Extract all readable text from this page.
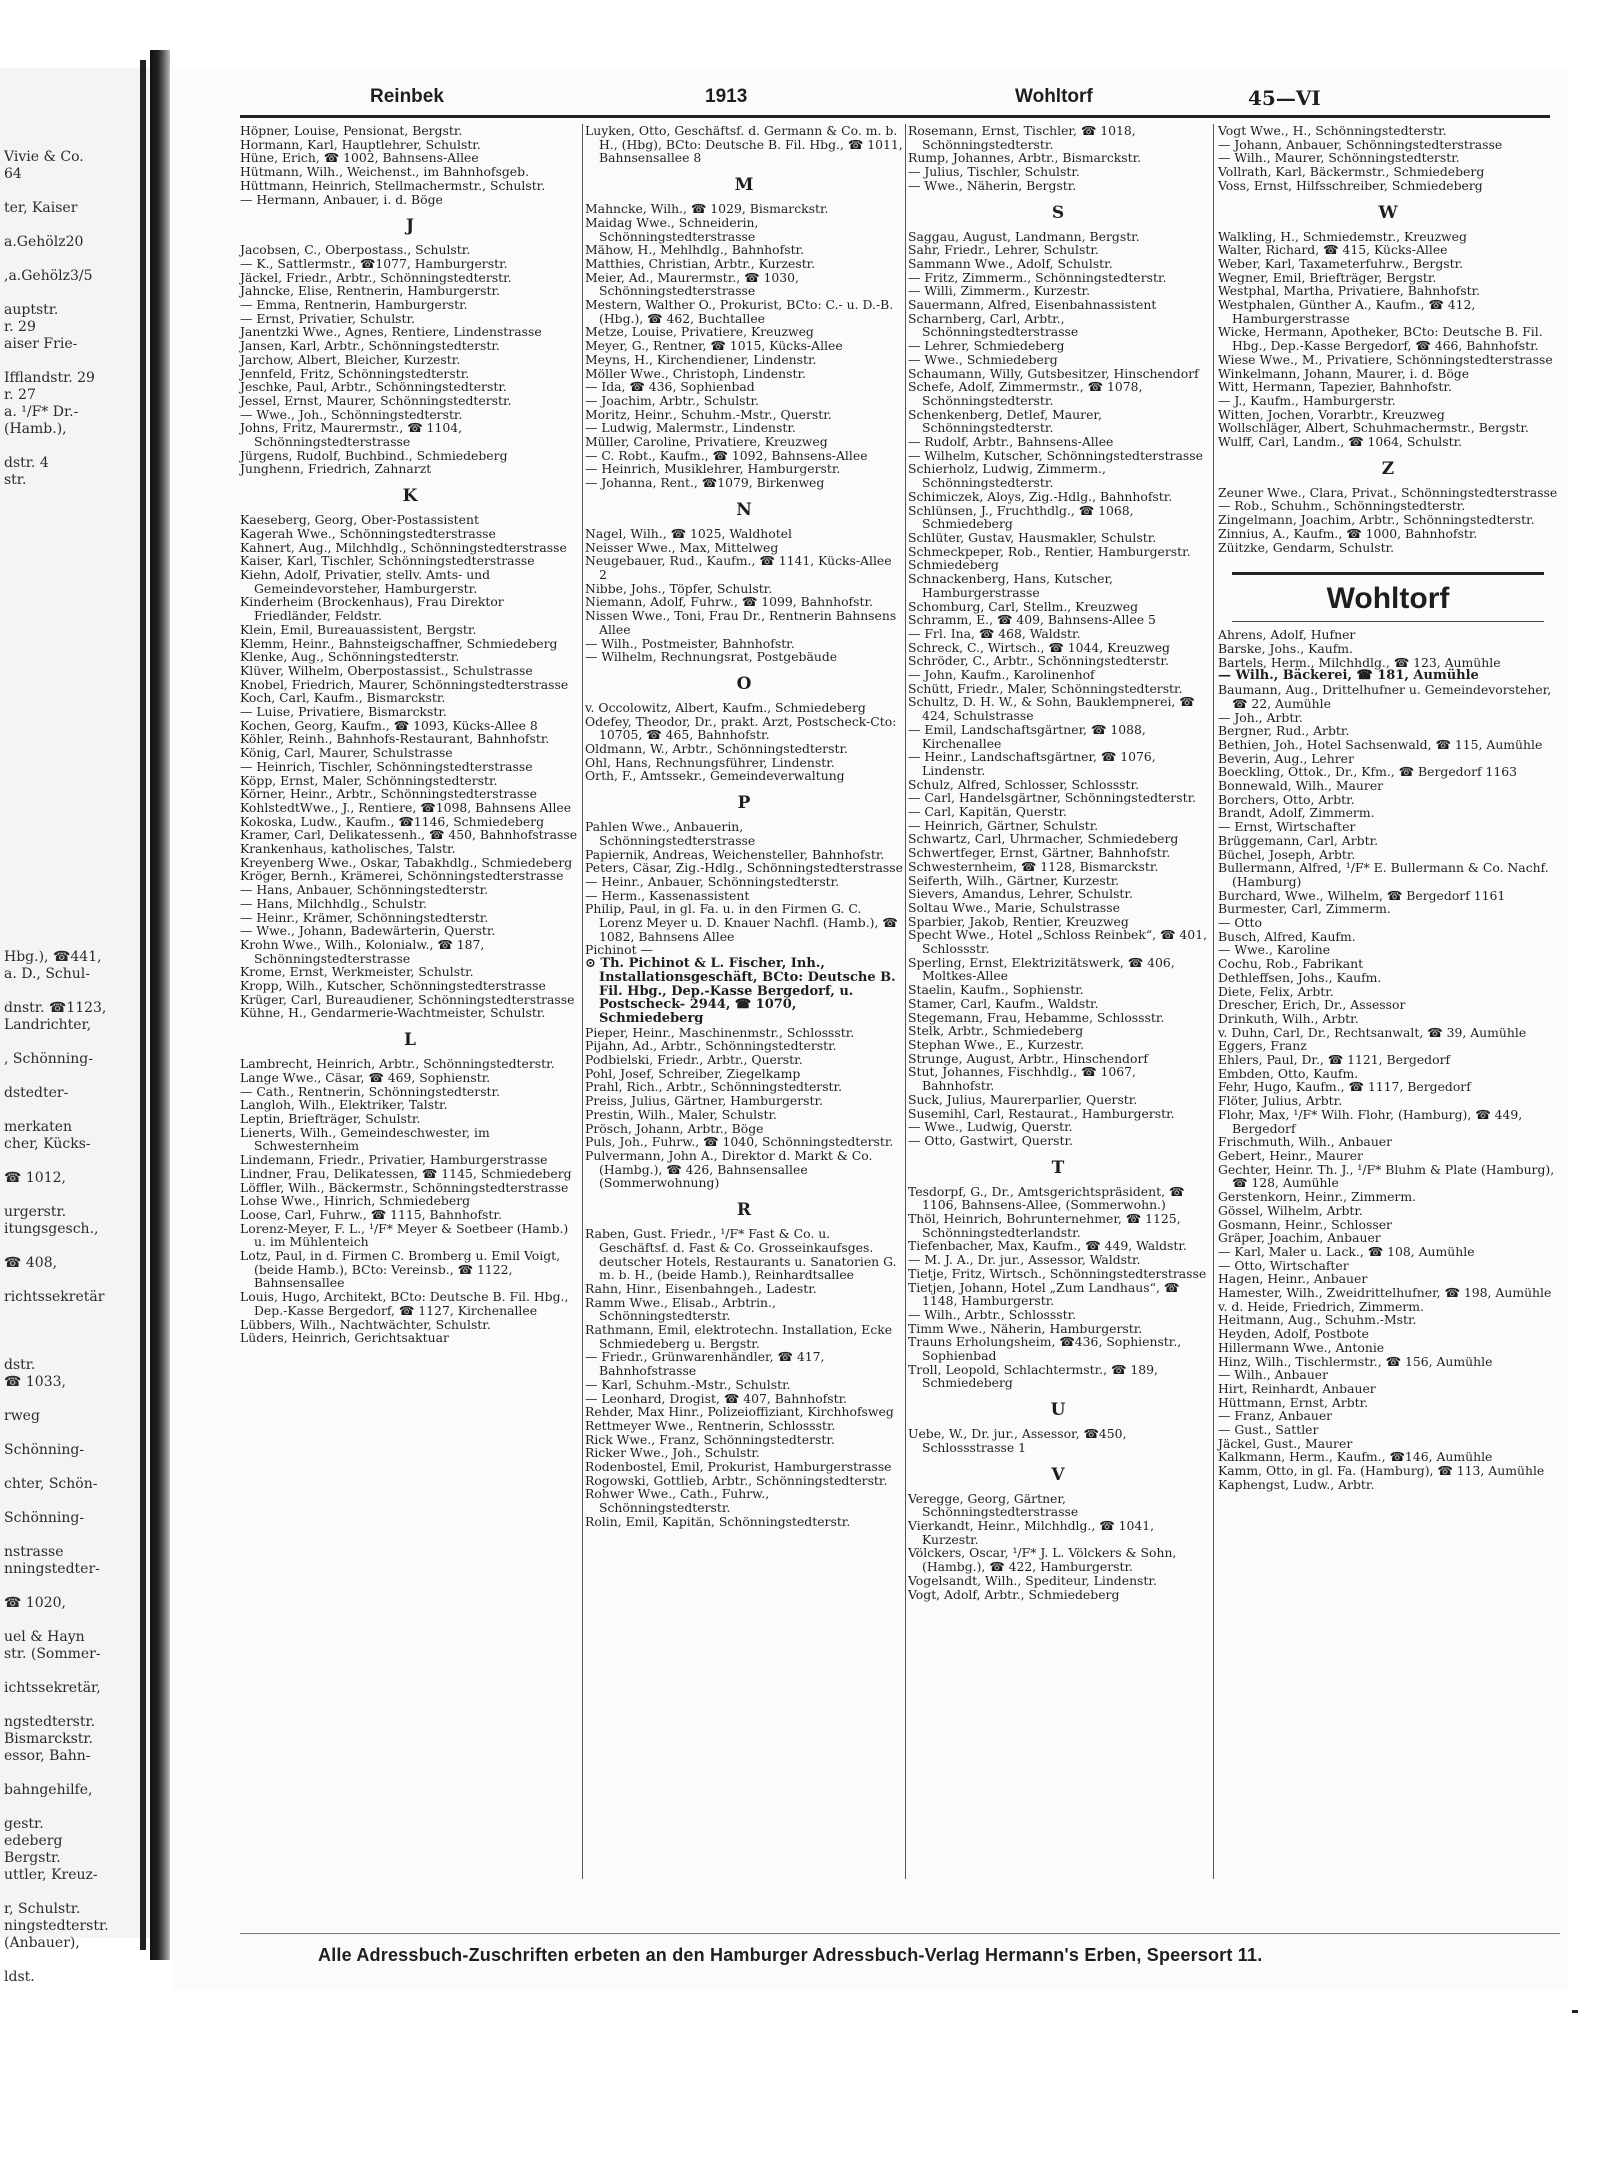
Vivie & Co.
64
ter, Kaiser
a.Gehölz20
,a.Gehölz3/5
auptstr.
r. 29
aiser Frie-
Ifflandstr. 29
r. 27
a. ¹/F* Dr.-
(Hamb.),
dstr. 4
str.
Hbg.), ☎441,
a. D., Schul-
dnstr. ☎1123,
Landrichter,
, Schönning-
dstedter-
merkaten
cher, Kücks-
☎ 1012,
urgerstr.
itungsgesch.,
☎ 408,
richtssekretär
dstr.
☎ 1033,
rweg
Schönning-
chter, Schön-
Schönning-
nstrasse
nningstedter-
☎ 1020,
uel & Hayn
str. (Sommer-
ichtssekretär,
ngstedterstr.
Bismarckstr.
essor, Bahn-
bahngehilfe,
gestr.
edeberg
Bergstr.
uttler, Kreuz-
r, Schulstr.
ningstedterstr.
(Anbauer),
ldst.
Reinbek	1913	Wohltorf	45—VI

Höpner, Louise, Pensionat, Bergstr.

Hormann, Karl, Hauptlehrer, Schulstr.

Hüne, Erich, ☎ 1002, Bahnsens-Allee

Hütmann, Wilh., Weichenst., im Bahnhofsgeb.

Hüttmann, Heinrich, Stellmachermstr., Schulstr.

— Hermann, Anbauer, i. d. Böge

J

Jacobsen, C., Oberpostass., Schulstr.

— K., Sattlermstr., ☎1077, Hamburgerstr.

Jäckel, Friedr., Arbtr., Schönningstedterstr.

Jahncke, Elise, Rentnerin, Hamburgerstr.

— Emma, Rentnerin, Hamburgerstr.

— Ernst, Privatier, Schulstr.

Janentzki Wwe., Agnes, Rentiere, Lindenstrasse

Jansen, Karl, Arbtr., Schönningstedterstr.

Jarchow, Albert, Bleicher, Kurzestr.

Jennfeld, Fritz, Schönningstedterstr.

Jeschke, Paul, Arbtr., Schönningstedterstr.

Jessel, Ernst, Maurer, Schönningstedterstr.

— Wwe., Joh., Schönningstedterstr.

Johns, Fritz, Maurermstr., ☎ 1104, Schönningstedterstrasse

Jürgens, Rudolf, Buchbind., Schmiedeberg

Junghenn, Friedrich, Zahnarzt

K

Kaeseberg, Georg, Ober-Postassistent

Kagerah Wwe., Schönningstedterstrasse

Kahnert, Aug., Milchhdlg., Schönningstedterstrasse

Kaiser, Karl, Tischler, Schönningstedterstrasse

Kiehn, Adolf, Privatier, stellv. Amts- und Gemeindevorsteher, Hamburgerstr.

Kinderheim (Brockenhaus), Frau Direktor Friedländer, Feldstr.

Klein, Emil, Bureauassistent, Bergstr.

Klemm, Heinr., Bahnsteigschaffner, Schmiedeberg

Klenke, Aug., Schönningstedterstr.

Klüver, Wilhelm, Oberpostassist., Schulstrasse

Knobel, Friedrich, Maurer, Schönningstedterstrasse

Koch, Carl, Kaufm., Bismarckstr.

— Luise, Privatiere, Bismarckstr.

Kochen, Georg, Kaufm., ☎ 1093, Kücks-Allee 8

Köhler, Reinh., Bahnhofs-Restaurant, Bahnhofstr.

König, Carl, Maurer, Schulstrasse

— Heinrich, Tischler, Schönningstedterstrasse

Köpp, Ernst, Maler, Schönningstedterstr.

Körner, Heinr., Arbtr., Schönningstedterstrasse

KohlstedtWwe., J., Rentiere, ☎1098, Bahnsens Allee

Kokoska, Ludw., Kaufm., ☎1146, Schmiedeberg

Kramer, Carl, Delikatessenh., ☎ 450, Bahnhofstrasse

Krankenhaus, katholisches, Talstr.

Kreyenberg Wwe., Oskar, Tabakhdlg., Schmiedeberg

Kröger, Bernh., Krämerei, Schönningstedterstrasse

— Hans, Anbauer, Schönningstedterstr.

— Hans, Milchhdlg., Schulstr.

— Heinr., Krämer, Schönningstedterstr.

— Wwe., Johann, Badewärterin, Querstr.

Krohn Wwe., Wilh., Kolonialw., ☎ 187, Schönningstedterstrasse

Krome, Ernst, Werkmeister, Schulstr.

Kropp, Wilh., Kutscher, Schönningstedterstrasse

Krüger, Carl, Bureaudiener, Schönningstedterstrasse

Kühne, H., Gendarmerie-Wachtmeister, Schulstr.

L

Lambrecht, Heinrich, Arbtr., Schönningstedterstr.

Lange Wwe., Cäsar, ☎ 469, Sophienstr.

— Cath., Rentnerin, Schönningstedterstr.

Langloh, Wilh., Elektriker, Talstr.

Leptin, Briefträger, Schulstr.

Lienerts, Wilh., Gemeindeschwester, im Schwesternheim

Lindemann, Friedr., Privatier, Hamburgerstrasse

Lindner, Frau, Delikatessen, ☎ 1145, Schmiedeberg

Löffler, Wilh., Bäckermstr., Schönningstedterstrasse

Lohse Wwe., Hinrich, Schmiedeberg

Loose, Carl, Fuhrw., ☎ 1115, Bahnhofstr.

Lorenz-Meyer, F. L., ¹/F* Meyer & Soetbeer (Hamb.) u. im Mühlenteich

Lotz, Paul, in d. Firmen C. Bromberg u. Emil Voigt, (beide Hamb.), BCto: Vereinsb., ☎ 1122, Bahnsensallee

Louis, Hugo, Architekt, BCto: Deutsche B. Fil. Hbg., Dep.-Kasse Bergedorf, ☎ 1127, Kirchenallee

Lübbers, Wilh., Nachtwächter, Schulstr.

Lüders, Heinrich, Gerichtsaktuar

Luyken, Otto, Geschäftsf. d. Germann & Co. m. b. H., (Hbg), BCto: Deutsche B. Fil. Hbg., ☎ 1011, Bahnsensallee 8

M

Mahncke, Wilh., ☎ 1029, Bismarckstr.

Maidag Wwe., Schneiderin, Schönningstedterstrasse

Mähow, H., Mehlhdlg., Bahnhofstr.

Matthies, Christian, Arbtr., Kurzestr.

Meier, Ad., Maurermstr., ☎ 1030, Schönningstedterstrasse

Mestern, Walther O., Prokurist, BCto: C.- u. D.-B. (Hbg.), ☎ 462, Buchtallee

Metze, Louise, Privatiere, Kreuzweg

Meyer, G., Rentner, ☎ 1015, Kücks-Allee

Meyns, H., Kirchendiener, Lindenstr.

Möller Wwe., Christoph, Lindenstr.

— Ida, ☎ 436, Sophienbad

— Joachim, Arbtr., Schulstr.

Moritz, Heinr., Schuhm.-Mstr., Querstr.

— Ludwig, Malermstr., Lindenstr.

Müller, Caroline, Privatiere, Kreuzweg

— C. Robt., Kaufm., ☎ 1092, Bahnsens-Allee

— Heinrich, Musiklehrer, Hamburgerstr.

— Johanna, Rent., ☎1079, Birkenweg

N

Nagel, Wilh., ☎ 1025, Waldhotel

Neisser Wwe., Max, Mittelweg

Neugebauer, Rud., Kaufm., ☎ 1141, Kücks-Allee 2

Nibbe, Johs., Töpfer, Schulstr.

Niemann, Adolf, Fuhrw., ☎ 1099, Bahnhofstr.

Nissen Wwe., Toni, Frau Dr., Rentnerin Bahnsens Allee

— Wilh., Postmeister, Bahnhofstr.

— Wilhelm, Rechnungsrat, Postgebäude

O

v. Occolowitz, Albert, Kaufm., Schmiedeberg

Odefey, Theodor, Dr., prakt. Arzt, Postscheck-Cto: 10705, ☎ 465, Bahnhofstr.

Oldmann, W., Arbtr., Schönningstedterstr.

Ohl, Hans, Rechnungsführer, Lindenstr.

Orth, F., Amtssekr., Gemeindeverwaltung

P

Pahlen Wwe., Anbauerin, Schönningstedterstrasse

Papiernik, Andreas, Weichensteller, Bahnhofstr.

Peters, Cäsar, Zig.-Hdlg., Schönningstedterstrasse

— Heinr., Anbauer, Schönningstedterstr.

— Herm., Kassenassistent

Philip, Paul, in gl. Fa. u. in den Firmen G. C. Lorenz Meyer u. D. Knauer Nachfl. (Hamb.), ☎ 1082, Bahnsens Allee

Pichinot —

⊙ Th. Pichinot & L. Fischer, Inh., Installationsgeschäft, BCto: Deutsche B. Fil. Hbg., Dep.-Kasse Bergedorf, u. Postscheck- 2944, ☎ 1070, Schmiedeberg

Pieper, Heinr., Maschinenmstr., Schlossstr.

Pijahn, Ad., Arbtr., Schönningstedterstr.

Podbielski, Friedr., Arbtr., Querstr.

Pohl, Josef, Schreiber, Ziegelkamp

Prahl, Rich., Arbtr., Schönningstedterstr.

Preiss, Julius, Gärtner, Hamburgerstr.

Prestin, Wilh., Maler, Schulstr.

Prösch, Johann, Arbtr., Böge

Puls, Joh., Fuhrw., ☎ 1040, Schönningstedterstr.

Pulvermann, John A., Direktor d. Markt & Co. (Hambg.), ☎ 426, Bahnsensallee (Sommerwohnung)

R

Raben, Gust. Friedr., ¹/F* Fast & Co. u. Geschäftsf. d. Fast & Co. Grosseinkaufsges. deutscher Hotels, Restaurants u. Sanatorien G. m. b. H., (beide Hamb.), Reinhardtsallee

Rahn, Hinr., Eisenbahngeh., Ladestr.

Ramm Wwe., Elisab., Arbtrin., Schönningstedterstr.

Rathmann, Emil, elektrotechn. Installation, Ecke Schmiedeberg u. Bergstr.

— Friedr., Grünwarenhändler, ☎ 417, Bahnhofstrasse

— Karl, Schuhm.-Mstr., Schulstr.

— Leonhard, Drogist, ☎ 407, Bahnhofstr.

Rehder, Max Hinr., Polizeioffiziant, Kirchhofsweg

Rettmeyer Wwe., Rentnerin, Schlossstr.

Rick Wwe., Franz, Schönningstedterstr.

Ricker Wwe., Joh., Schulstr.

Rodenbostel, Emil, Prokurist, Hamburgerstrasse

Rogowski, Gottlieb, Arbtr., Schönningstedterstr.

Rohwer Wwe., Cath., Fuhrw., Schönningstedterstr.

Rolin, Emil, Kapitän, Schönningstedterstr.

Rosemann, Ernst, Tischler, ☎ 1018, Schönningstedterstr.

Rump, Johannes, Arbtr., Bismarckstr.

— Julius, Tischler, Schulstr.

— Wwe., Näherin, Bergstr.

S

Saggau, August, Landmann, Bergstr.

Sahr, Friedr., Lehrer, Schulstr.

Sammann Wwe., Adolf, Schulstr.

— Fritz, Zimmerm., Schönningstedterstr.

— Willi, Zimmerm., Kurzestr.

Sauermann, Alfred, Eisenbahnassistent

Scharnberg, Carl, Arbtr., Schönningstedterstrasse

— Lehrer, Schmiedeberg

— Wwe., Schmiedeberg

Schaumann, Willy, Gutsbesitzer, Hinschendorf

Schefe, Adolf, Zimmermstr., ☎ 1078, Schönningstedterstr.

Schenkenberg, Detlef, Maurer, Schönningstedterstr.

— Rudolf, Arbtr., Bahnsens-Allee

— Wilhelm, Kutscher, Schönningstedterstrasse

Schierholz, Ludwig, Zimmerm., Schönningstedterstr.

Schimiczek, Aloys, Zig.-Hdlg., Bahnhofstr.

Schlünsen, J., Fruchthdlg., ☎ 1068, Schmiedeberg

Schlüter, Gustav, Hausmakler, Schulstr.

Schmeckpeper, Rob., Rentier, Hamburgerstr.

Schmiedeberg

Schnackenberg, Hans, Kutscher, Hamburgerstrasse

Schomburg, Carl, Stellm., Kreuzweg

Schramm, E., ☎ 409, Bahnsens-Allee 5

— Frl. Ina, ☎ 468, Waldstr.

Schreck, C., Wirtsch., ☎ 1044, Kreuzweg

Schröder, C., Arbtr., Schönningstedterstr.

— John, Kaufm., Karolinenhof

Schütt, Friedr., Maler, Schönningstedterstr.

Schultz, D. H. W., & Sohn, Bauklempnerei, ☎ 424, Schulstrasse

— Emil, Landschaftsgärtner, ☎ 1088, Kirchenallee

— Heinr., Landschaftsgärtner, ☎ 1076, Lindenstr.

Schulz, Alfred, Schlosser, Schlossstr.

— Carl, Handelsgärtner, Schönningstedterstr.

— Carl, Kapitän, Querstr.

— Heinrich, Gärtner, Schulstr.

Schwartz, Carl, Uhrmacher, Schmiedeberg

Schwertfeger, Ernst, Gärtner, Bahnhofstr.

Schwesternheim, ☎ 1128, Bismarckstr.

Seiferth, Wilh., Gärtner, Kurzestr.

Sievers, Amandus, Lehrer, Schulstr.

Soltau Wwe., Marie, Schulstrasse

Sparbier, Jakob, Rentier, Kreuzweg

Specht Wwe., Hotel „Schloss Reinbek“, ☎ 401, Schlossstr.

Sperling, Ernst, Elektrizitätswerk, ☎ 406, Moltkes-Allee

Staelin, Kaufm., Sophienstr.

Stamer, Carl, Kaufm., Waldstr.

Stegemann, Frau, Hebamme, Schlossstr.

Stelk, Arbtr., Schmiedeberg

Stephan Wwe., E., Kurzestr.

Strunge, August, Arbtr., Hinschendorf

Stut, Johannes, Fischhdlg., ☎ 1067, Bahnhofstr.

Suck, Julius, Maurerparlier, Querstr.

Susemihl, Carl, Restaurat., Hamburgerstr.

— Wwe., Ludwig, Querstr.

— Otto, Gastwirt, Querstr.

T

Tesdorpf, G., Dr., Amtsgerichtspräsident, ☎ 1106, Bahnsens-Allee, (Sommerwohn.)

Thöl, Heinrich, Bohrunternehmer, ☎ 1125, Schönningstedterlandstr.

Tiefenbacher, Max, Kaufm., ☎ 449, Waldstr.

— M. J. A., Dr. jur., Assessor, Waldstr.

Tietje, Fritz, Wirtsch., Schönningstedterstrasse

Tietjen, Johann, Hotel „Zum Landhaus“, ☎ 1148, Hamburgerstr.

— Wilh., Arbtr., Schlossstr.

Timm Wwe., Näherin, Hamburgerstr.

Trauns Erholungsheim, ☎436, Sophienstr., Sophienbad

Troll, Leopold, Schlachtermstr., ☎ 189, Schmiedeberg

U

Uebe, W., Dr. jur., Assessor, ☎450, Schlossstrasse 1

V

Veregge, Georg, Gärtner, Schönningstedterstrasse

Vierkandt, Heinr., Milchhdlg., ☎ 1041, Kurzestr.

Völckers, Oscar, ¹/F* J. L. Völckers & Sohn, (Hambg.), ☎ 422, Hamburgerstr.

Vogelsandt, Wilh., Spediteur, Lindenstr.

Vogt, Adolf, Arbtr., Schmiedeberg

Vogt Wwe., H., Schönningstedterstr.

— Johann, Anbauer, Schönningstedterstrasse

— Wilh., Maurer, Schönningstedterstr.

Vollrath, Karl, Bäckermstr., Schmiedeberg

Voss, Ernst, Hilfsschreiber, Schmiedeberg

W

Walkling, H., Schmiedemstr., Kreuzweg

Walter, Richard, ☎ 415, Kücks-Allee

Weber, Karl, Taxameterfuhrw., Bergstr.

Wegner, Emil, Briefträger, Bergstr.

Westphal, Martha, Privatiere, Bahnhofstr.

Westphalen, Günther A., Kaufm., ☎ 412, Hamburgerstrasse

Wicke, Hermann, Apotheker, BCto: Deutsche B. Fil. Hbg., Dep.-Kasse Bergedorf, ☎ 466, Bahnhofstr.

Wiese Wwe., M., Privatiere, Schönningstedterstrasse

Winkelmann, Johann, Maurer, i. d. Böge

Witt, Hermann, Tapezier, Bahnhofstr.

— J., Kaufm., Hamburgerstr.

Witten, Jochen, Vorarbtr., Kreuzweg

Wollschläger, Albert, Schuhmachermstr., Bergstr.

Wulff, Carl, Landm., ☎ 1064, Schulstr.

Z

Zeuner Wwe., Clara, Privat., Schönningstedterstrasse

— Rob., Schuhm., Schönningstedterstr.

Zingelmann, Joachim, Arbtr., Schönningstedterstr.

Zinnius, A., Kaufm., ☎ 1000, Bahnhofstr.

Züitzke, Gendarm, Schulstr.

Wohltorf

Ahrens, Adolf, Hufner

Barske, Johs., Kaufm.

Bartels, Herm., Milchhdlg., ☎ 123, Aumühle

— Wilh., Bäckerei, ☎ 181, Aumühle

Baumann, Aug., Drittelhufner u. Gemeindevorsteher, ☎ 22, Aumühle

— Joh., Arbtr.

Bergner, Rud., Arbtr.

Bethien, Joh., Hotel Sachsenwald, ☎ 115, Aumühle

Beverin, Aug., Lehrer

Boeckling, Ottok., Dr., Kfm., ☎ Bergedorf 1163

Bonnewald, Wilh., Maurer

Borchers, Otto, Arbtr.

Brandt, Adolf, Zimmerm.

— Ernst, Wirtschafter

Brüggemann, Carl, Arbtr.

Büchel, Joseph, Arbtr.

Bullermann, Alfred, ¹/F* E. Bullermann & Co. Nachf. (Hamburg)

Burchard, Wwe., Wilhelm, ☎ Bergedorf 1161

Burmester, Carl, Zimmerm.

— Otto

Busch, Alfred, Kaufm.

— Wwe., Karoline

Cochu, Rob., Fabrikant

Dethleffsen, Johs., Kaufm.

Diete, Felix, Arbtr.

Drescher, Erich, Dr., Assessor

Drinkuth, Wilh., Arbtr.

v. Duhn, Carl, Dr., Rechtsanwalt, ☎ 39, Aumühle

Eggers, Franz

Ehlers, Paul, Dr., ☎ 1121, Bergedorf

Embden, Otto, Kaufm.

Fehr, Hugo, Kaufm., ☎ 1117, Bergedorf

Flöter, Julius, Arbtr.

Flohr, Max, ¹/F* Wilh. Flohr, (Hamburg), ☎ 449, Bergedorf

Frischmuth, Wilh., Anbauer

Gebert, Heinr., Maurer

Gechter, Heinr. Th. J., ¹/F* Bluhm & Plate (Hamburg), ☎ 128, Aumühle

Gerstenkorn, Heinr., Zimmerm.

Gössel, Wilhelm, Arbtr.

Gosmann, Heinr., Schlosser

Gräper, Joachim, Anbauer

— Karl, Maler u. Lack., ☎ 108, Aumühle

— Otto, Wirtschafter

Hagen, Heinr., Anbauer

Hamester, Wilh., Zweidrittelhufner, ☎ 198, Aumühle

v. d. Heide, Friedrich, Zimmerm.

Heitmann, Aug., Schuhm.-Mstr.

Heyden, Adolf, Postbote

Hillermann Wwe., Antonie

Hinz, Wilh., Tischlermstr., ☎ 156, Aumühle

— Wilh., Anbauer

Hirt, Reinhardt, Anbauer

Hüttmann, Ernst, Arbtr.

— Franz, Anbauer

— Gust., Sattler

Jäckel, Gust., Maurer

Kalkmann, Herm., Kaufm., ☎146, Aumühle

Kamm, Otto, in gl. Fa. (Hamburg), ☎ 113, Aumühle

Kaphengst, Ludw., Arbtr.

Alle Adressbuch-Zuschriften erbeten an den Hamburger Adressbuch-Verlag Hermann's Erben, Speersort 11.
